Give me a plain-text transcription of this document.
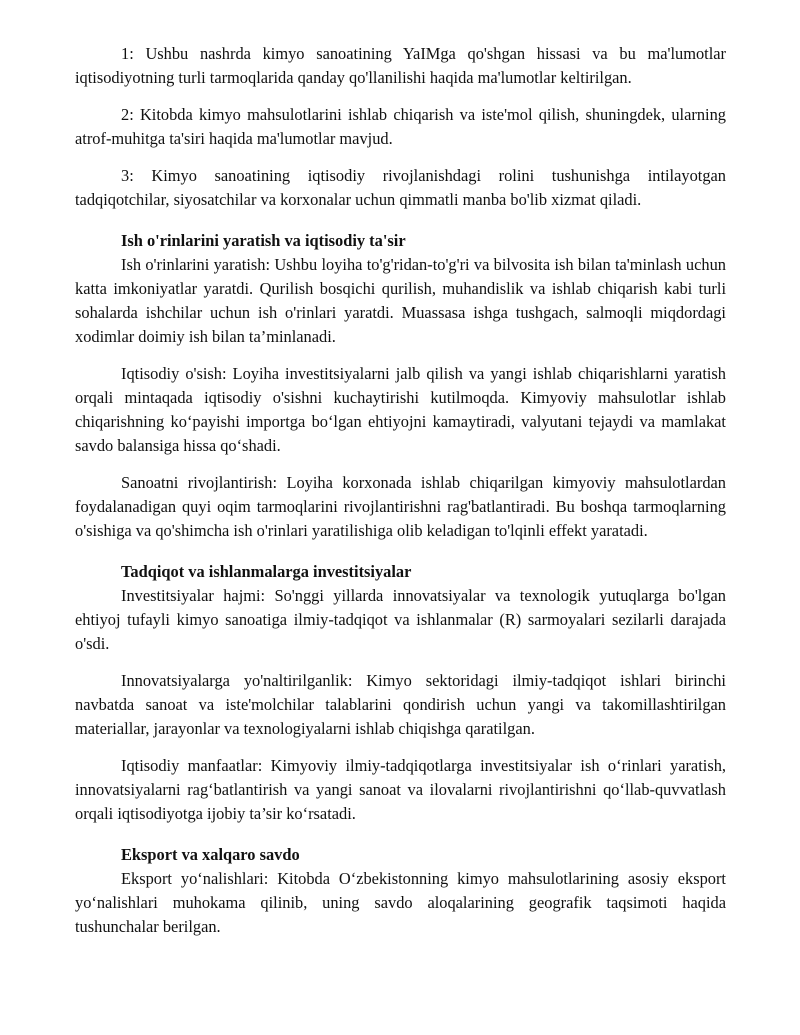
1: Ushbu nashrda kimyo sanoatining YaIMga qo'shgan hissasi va bu ma'lumotlar iqtisodiyotning turli tarmoqlarida qanday qo'llanilishi haqida ma'lumotlar keltirilgan.

2: Kitobda kimyo mahsulotlarini ishlab chiqarish va iste'mol qilish, shuningdek, ularning atrof-muhitga ta'siri haqida ma'lumotlar mavjud.

3: Kimyo sanoatining iqtisodiy rivojlanishdagi rolini tushunishga intilayotgan tadqiqotchilar, siyosatchilar va korxonalar uchun qimmatli manba bo'lib xizmat qiladi.

Ish o'rinlarini yaratish va iqtisodiy ta'sir

Ish o'rinlarini yaratish: Ushbu loyiha to'g'ridan-to'g'ri va bilvosita ish bilan ta'minlash uchun katta imkoniyatlar yaratdi. Qurilish bosqichi qurilish, muhandislik va ishlab chiqarish kabi turli sohalarda ishchilar uchun ish o'rinlari yaratdi. Muassasa ishga tushgach, salmoqli miqdordagi xodimlar doimiy ish bilan ta’minlanadi.

Iqtisodiy o'sish: Loyiha investitsiyalarni jalb qilish va yangi ishlab chiqarishlarni yaratish orqali mintaqada iqtisodiy o'sishni kuchaytirishi kutilmoqda. Kimyoviy mahsulotlar ishlab chiqarishning ko‘payishi importga bo‘lgan ehtiyojni kamaytiradi, valyutani tejaydi va mamlakat savdo balansiga hissa qo‘shadi.

Sanoatni rivojlantirish: Loyiha korxonada ishlab chiqarilgan kimyoviy mahsulotlardan foydalanadigan quyi oqim tarmoqlarini rivojlantirishni rag'batlantiradi. Bu boshqa tarmoqlarning o'sishiga va qo'shimcha ish o'rinlari yaratilishiga olib keladigan to'lqinli effekt yaratadi.

Tadqiqot va ishlanmalarga investitsiyalar

Investitsiyalar hajmi: So'nggi yillarda innovatsiyalar va texnologik yutuqlarga bo'lgan ehtiyoj tufayli kimyo sanoatiga ilmiy-tadqiqot va ishlanmalar (R) sarmoyalari sezilarli darajada o'sdi.

Innovatsiyalarga yo'naltirilganlik: Kimyo sektoridagi ilmiy-tadqiqot ishlari birinchi navbatda sanoat va iste'molchilar talablarini qondirish uchun yangi va takomillashtirilgan materiallar, jarayonlar va texnologiyalarni ishlab chiqishga qaratilgan.

Iqtisodiy manfaatlar: Kimyoviy ilmiy-tadqiqotlarga investitsiyalar ish o‘rinlari yaratish, innovatsiyalarni rag‘batlantirish va yangi sanoat va ilovalarni rivojlantirishni qo‘llab-quvvatlash orqali iqtisodiyotga ijobiy ta’sir ko‘rsatadi.

Eksport va xalqaro savdo

Eksport yo‘nalishlari: Kitobda O‘zbekistonning kimyo mahsulotlarining asosiy eksport yo‘nalishlari muhokama qilinib, uning savdo aloqalarining geografik taqsimoti haqida tushunchalar berilgan.
